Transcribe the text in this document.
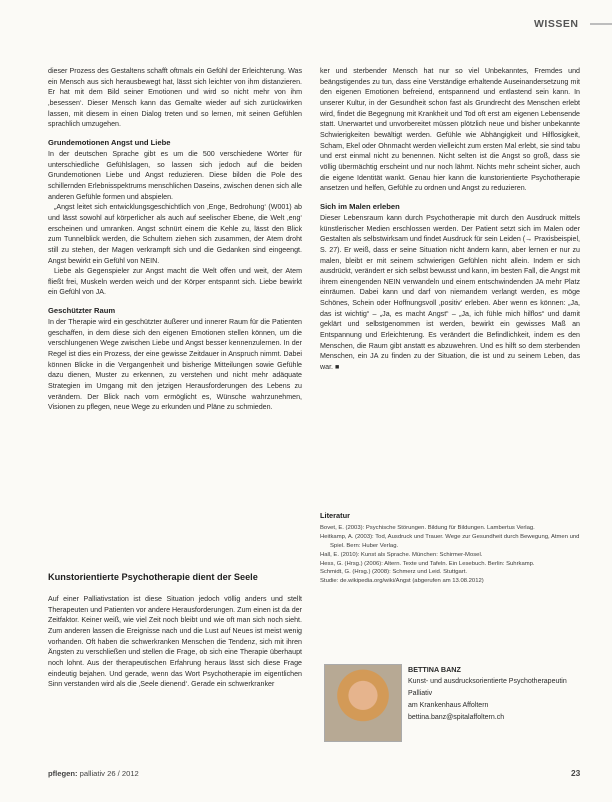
WISSEN

dieser Prozess des Gestaltens schafft oftmals ein Gefühl der Erleichterung. Was ein Mensch aus sich herausbewegt hat, lässt sich leichter von ihm distanzieren. Er hat mit dem Bild seiner Emotionen und wird so nicht mehr von ihm ‚besessen‘. Dieser Mensch kann das Gemalte wieder auf sich zurückwirken lassen, mit diesem in einen Dialog treten und so lernen, mit seinen Gefühlen sprachlich umzugehen.

Grundemotionen Angst und Liebe

In der deutschen Sprache gibt es um die 500 verschiedene Wörter für unterschiedliche Gefühlslagen, so lassen sich jedoch auf die beiden Grundemotionen Liebe und Angst reduzieren. Diese bilden die Pole des schillernden Erlebnisspektrums menschlichen Daseins, zwischen denen sich alle anderen Gefühle formen und abspielen.

„Angst leitet sich entwicklungsgeschichtlich von ‚Enge, Bedrohung‘ (W001) ab und lässt sowohl auf körperlicher als auch auf seelischer Ebene, die Welt ‚eng‘ erscheinen und umranken. Angst schnürt einem die Kehle zu, lässt den Blick zum Tunnelblick werden, die Schultern ziehen sich zusammen, der Atem droht still zu stehen, der Magen verkrampft sich und die Gedanken sind eingeengt. Angst bewirkt ein Gefühl von NEIN.

Liebe als Gegenspieler zur Angst macht die Welt offen und weit, der Atem fließt frei, Muskeln werden weich und der Körper entspannt sich. Liebe bewirkt ein Gefühl von JA.

Geschützter Raum

In der Therapie wird ein geschützter äußerer und innerer Raum für die Patienten geschaffen, in dem diese sich den eigenen Emotionen stellen können, um die verschlungenen Wege zwischen Liebe und Angst besser kennenzulernen. In der Regel ist dies ein Prozess, der eine gewisse Zeitdauer in Anspruch nimmt. Dabei können Blicke in die Vergangenheit und bisherige Mitteilungen sowie Gefühle dazu dienen, Muster zu erkennen, zu verstehen und nicht mehr adäquate Strategien im Umgang mit den jetzigen Herausforderungen des Lebens zu verändern. Der Blick nach vorn ermöglicht es, Wünsche wahrzunehmen, Visionen zu pflegen, neue Wege zu erkunden und Pläne zu schmieden.

Kunstorientierte Psychotherapie dient der Seele

Auf einer Palliativstation ist diese Situation jedoch völlig anders und stellt Therapeuten und Patienten vor andere Herausforderungen. Zum einen ist da der Zeitfaktor. Keiner weiß, wie viel Zeit noch bleibt und wie oft man sich noch sieht. Zum anderen lassen die Ereignisse nach und die Lust auf Neues ist meist wenig vorhanden. Oft haben die schwerkranken Menschen die Tendenz, sich mit ihren Ängsten zu verschließen und stellen die Frage, ob sich eine Therapie überhaupt noch lohnt. Aus der therapeutischen Erfahrung heraus lässt sich diese Frage eindeutig bejahen. Und gerade, wenn das Wort Psychotherapie im eigentlichen Sinn verstanden wird als die ‚Seele dienend‘. Gerade ein schwerkranker

ker und sterbender Mensch hat nur so viel Unbekanntes, Fremdes und beängstigendes zu tun, dass eine Verständige erhaltende Auseinandersetzung mit den eigenen Emotionen befreiend, entspannend und entlastend sein kann. In unserer Kultur, in der Gesundheit schon fast als Grundrecht des Menschen erlebt wird, findet die Begegnung mit Krankheit und Tod oft erst am eigenen Lebensende statt. Unerwartet und unvorbereitet müssen plötzlich neue und bisher unbekannte Schwierigkeiten bewältigt werden. Gefühle wie Abhängigkeit und Hilflosigkeit, Scham, Ekel oder Ohnmacht werden vielleicht zum ersten Mal erlebt, sie sind tabu und erst einmal nicht zu benennen. Nicht selten ist die Angst so groß, dass sie völlig übermächtig erscheint und nur noch lähmt. Nichts mehr scheint sicher, auch die eigene Identität wankt. Genau hier kann die kunstorientierte Psychotherapie ansetzen und helfen, Gefühle zu ordnen und Angst zu reduzieren.

Sich im Malen erleben

Dieser Lebensraum kann durch Psychotherapie mit durch den Ausdruck mittels künstlerischer Medien erschlossen werden. Der Patient setzt sich im Malen oder Gestalten als selbstwirksam und findet Ausdruck für sein Leiden (→ Praxisbeispiel, S. 27). Er weiß, dass er seine Situation nicht ändern kann, aber lernen er nur zu malen, bleibt er mit seinem schwierigen Gefühlen nicht allein. Indem er sich ausdrückt, verändert er sich selbst bewusst und kann, im besten Fall, die Angst mit ihrem einengenden NEIN verwandeln und einem entschwindenden JA mehr Platz einräumen. Dabei kann und darf von niemandem verlangt werden, es möge Schönes, Schein oder Hoffnungsvoll ‚positiv‘ erleben. Aber wenn es können: „Ja, das ist wichtig“ – „Ja, es macht Angst“ – „Ja, ich fühle mich hilflos“ und damit geklärt und selbstgenommen ist werden, bewirkt ein gewisses Maß an Entspannung und Erleichterung. Es verändert die Befindlichkeit, indem es den Menschen, die Raum gibt anstatt es abzuwehren. Und es hilft so dem sterbenden Menschen, ein JA zu finden zu der Situation, die ist und zu seinem Leben, das war. ■

Literatur
Bovet, E. (2003): Psychische Störungen. Bildung für Bildungen. Lambertus Verlag.
Heitkamp, A. (2003): Tod, Ausdruck und Trauer. Wege zur Gesundheit durch Bewegung, Atmen und Spiel. Bern: Huber Verlag.
Hall, E. (2010): Kunst als Sprache. München: Schirmer-Mosel.
Hess, G. (Hrsg.) (2006): Altern. Texte und Tafeln. Ein Lesebuch. Berlin: Suhrkamp.
Schmidt, G. (Hrsg.) (2008): Schmerz und Leid. Stuttgart.
Studie: de.wikipedia.org/wiki/Angst (abgerufen am 13.08.2012)
BETTINA BANZ
Kunst- und ausdrucksorientierte Psychotherapeutin Palliativ
am Krankenhaus Affoltern
bettina.banz@spitalaffoltern.ch
pflegen: palliativ 26 / 2012	23
